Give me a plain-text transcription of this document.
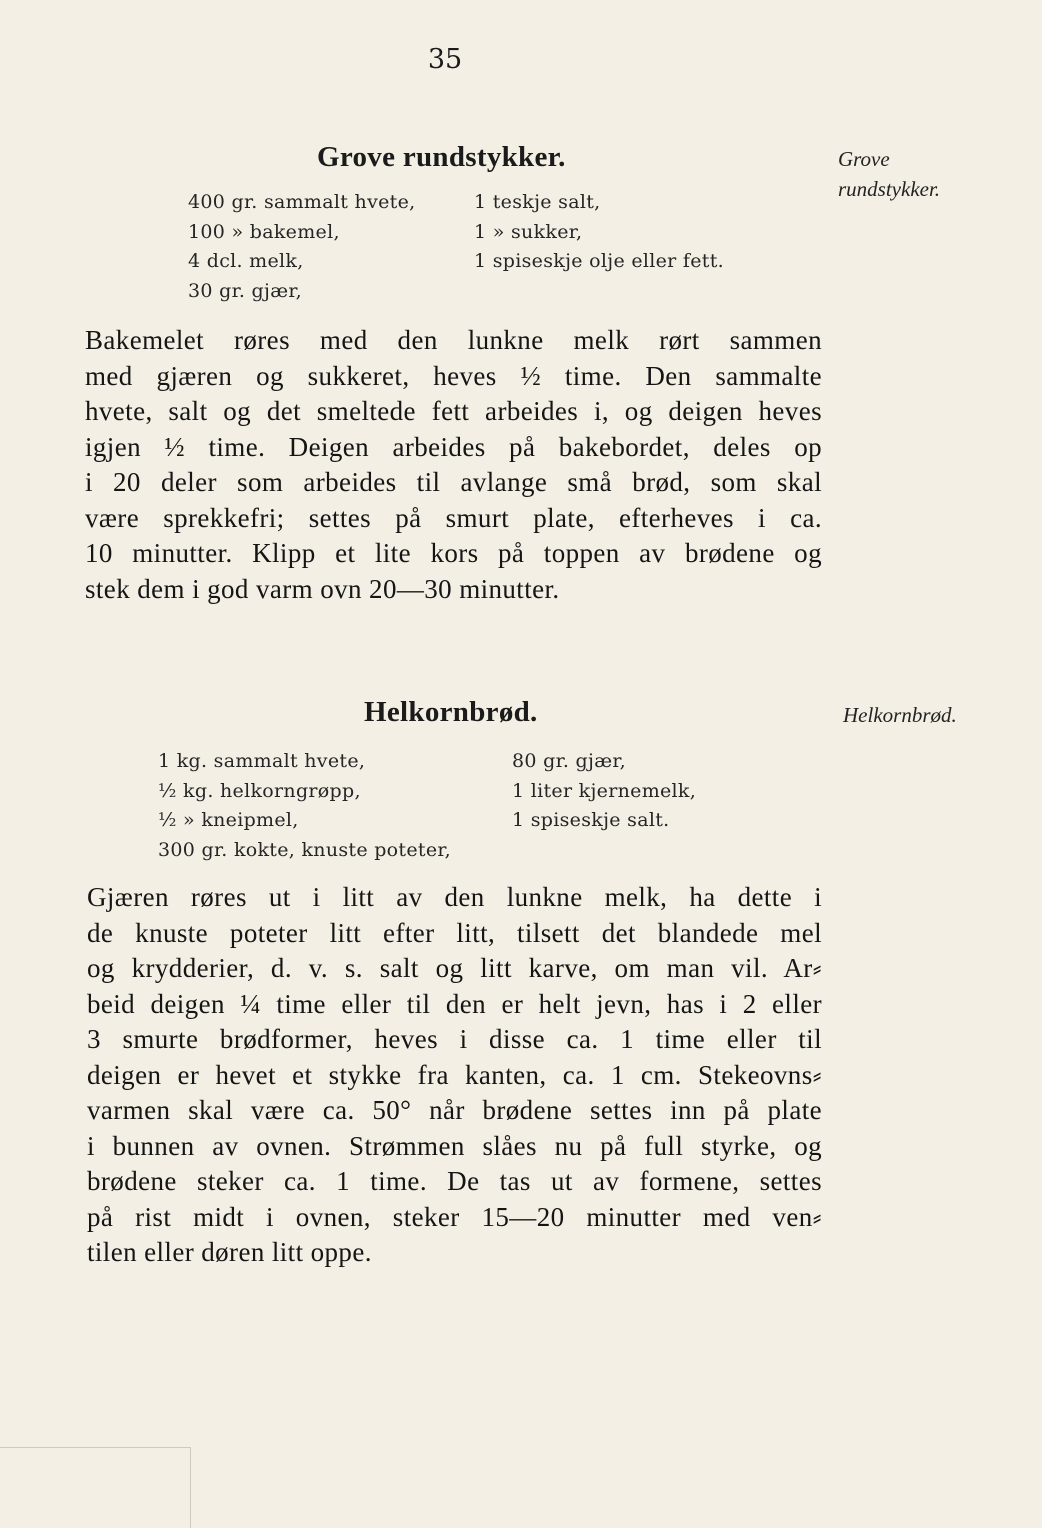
35
Grove rundstykker.	Grove
rundstykker.
400 gr. sammalt hvete,
100 » bakemel,
4 dcl. melk,
30 gr. gjær,
1 teskje salt,
1 » sukker,
1 spiseskje olje eller fett.
Bakemelet røres med den lunkne melk rørt sammen
med gjæren og sukkeret, heves ½ time. Den sammalte
hvete, salt og det smeltede fett arbeides i, og deigen heves
igjen ½ time. Deigen arbeides på bakebordet, deles op
i 20 deler som arbeides til avlange små brød, som skal
være sprekkefri; settes på smurt plate, efterheves i ca.
10 minutter. Klipp et lite kors på toppen av brødene og
stek dem i god varm ovn 20—30 minutter.
Helkornbrød.	Helkornbrød.
1 kg. sammalt hvete,
½ kg. helkorngrøpp,
½ » kneipmel,
300 gr. kokte, knuste poteter,
80 gr. gjær,
1 liter kjernemelk,
1 spiseskje salt.
Gjæren røres ut i litt av den lunkne melk, ha dette i
de knuste poteter litt efter litt, tilsett det blandede mel
og krydderier, d. v. s. salt og litt karve, om man vil. Ar⸗
beid deigen ¼ time eller til den er helt jevn, has i 2 eller
3 smurte brødformer, heves i disse ca. 1 time eller til
deigen er hevet et stykke fra kanten, ca. 1 cm. Stekeovns⸗
varmen skal være ca. 50° når brødene settes inn på plate
i bunnen av ovnen. Strømmen slåes nu på full styrke, og
brødene steker ca. 1 time. De tas ut av formene, settes
på rist midt i ovnen, steker 15—20 minutter med ven⸗
tilen eller døren litt oppe.
